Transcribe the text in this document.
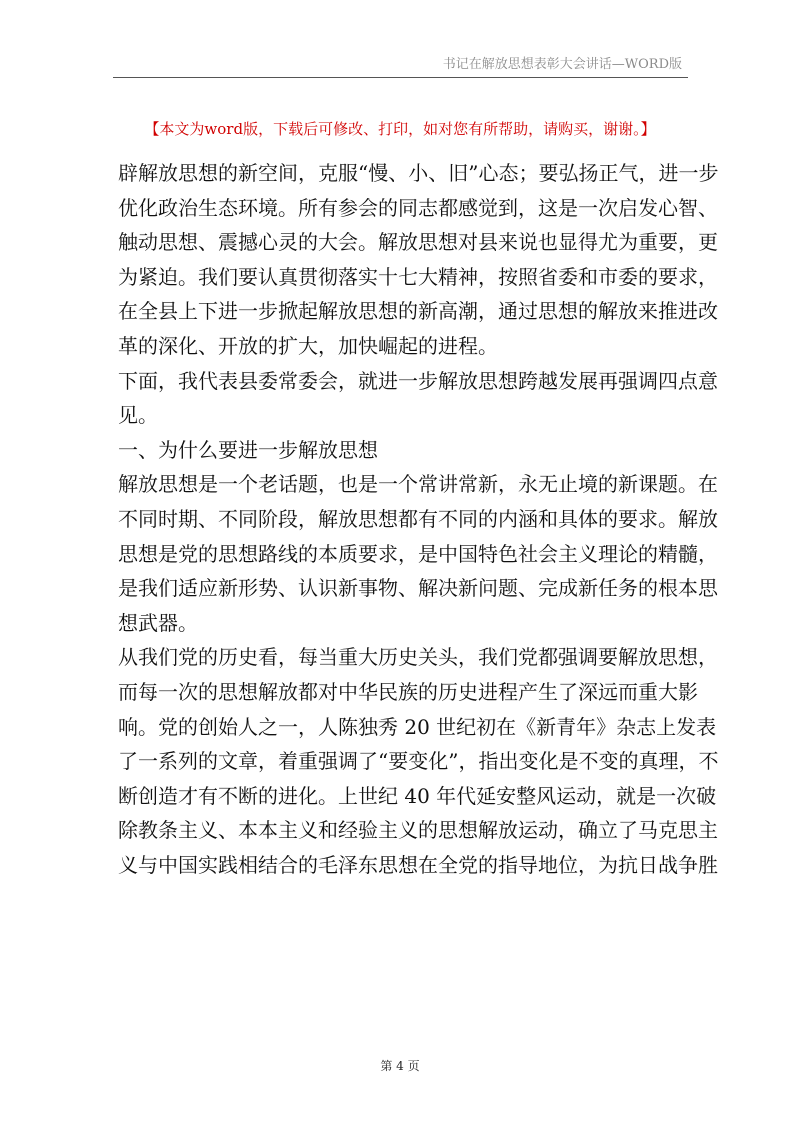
书记在解放思想表彰大会讲话—WORD版
【本文为word版，下载后可修改、打印，如对您有所帮助，请购买，谢谢。】
辟解放思想的新空间，克服“慢、小、旧”心态；要弘扬正气，进一步
优化政治生态环境。所有参会的同志都感觉到，这是一次启发心智、
触动思想、震撼心灵的大会。解放思想对县来说也显得尤为重要，更
为紧迫。我们要认真贯彻落实十七大精神，按照省委和市委的要求，
在全县上下进一步掀起解放思想的新高潮，通过思想的解放来推进改
革的深化、开放的扩大，加快崛起的进程。
下面，我代表县委常委会，就进一步解放思想跨越发展再强调四点意
见。
一、为什么要进一步解放思想
解放思想是一个老话题，也是一个常讲常新，永无止境的新课题。在
不同时期、不同阶段，解放思想都有不同的内涵和具体的要求。解放
思想是党的思想路线的本质要求，是中国特色社会主义理论的精髓，
是我们适应新形势、认识新事物、解决新问题、完成新任务的根本思
想武器。
从我们党的历史看，每当重大历史关头，我们党都强调要解放思想，
而每一次的思想解放都对中华民族的历史进程产生了深远而重大影
响。党的创始人之一，人陈独秀 20 世纪初在《新青年》杂志上发表
了一系列的文章，着重强调了“要变化”，指出变化是不变的真理，不
断创造才有不断的进化。上世纪 40 年代延安整风运动，就是一次破
除教条主义、本本主义和经验主义的思想解放运动，确立了马克思主
义与中国实践相结合的毛泽东思想在全党的指导地位，为抗日战争胜
第 4 页
